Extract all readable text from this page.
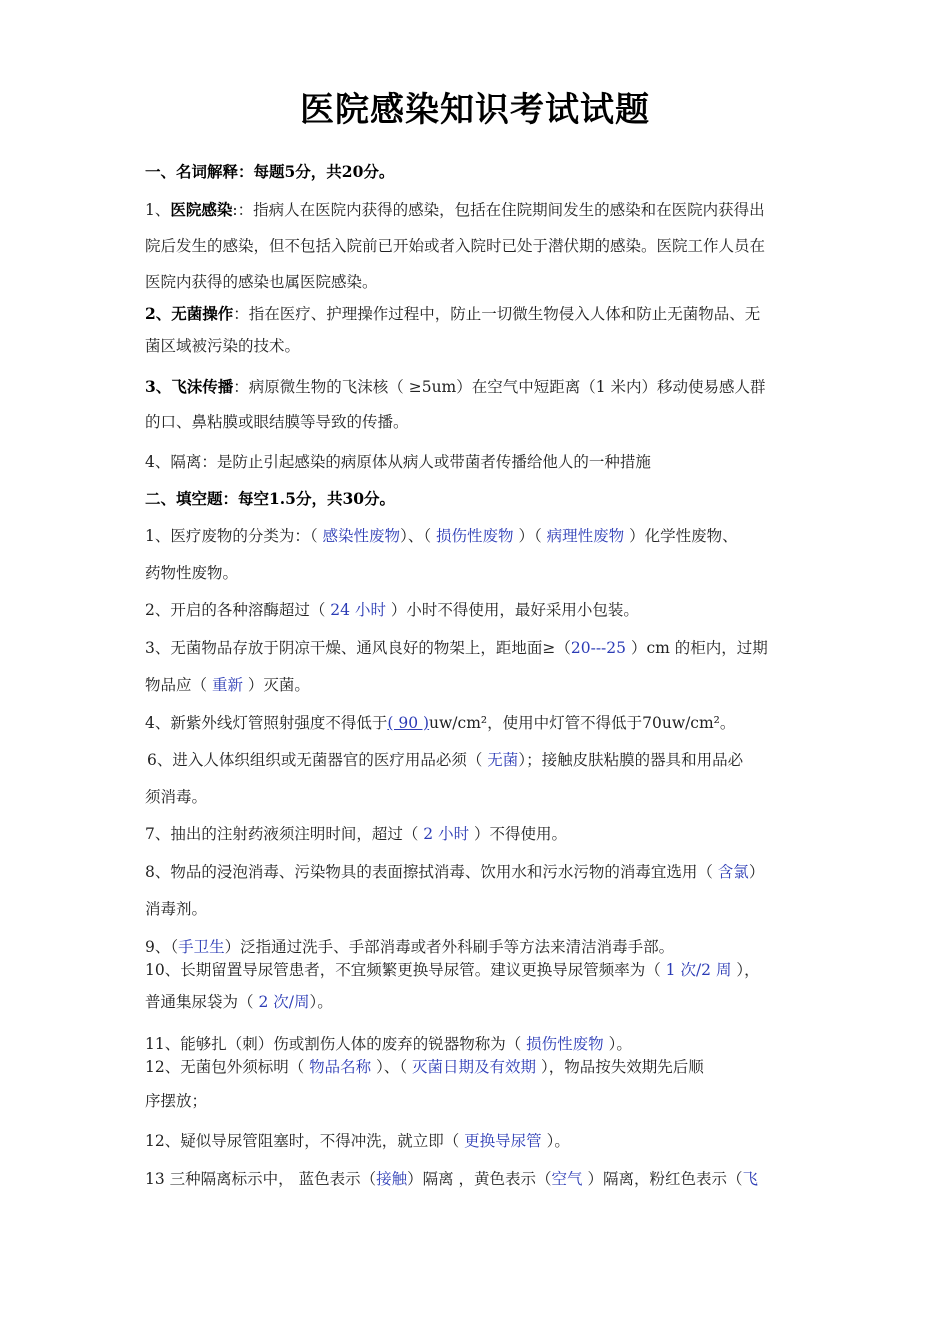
医院感染知识考试试题
一、名词解释：每题5分，共20分。
1、医院感染:：指病人在医院内获得的感染，包括在住院期间发生的感染和在医院内获得出
院后发生的感染，但不包括入院前已开始或者入院时已处于潜伏期的感染。医院工作人员在
医院内获得的感染也属医院感染。
2、无菌操作：指在医疗、护理操作过程中，防止一切微生物侵入人体和防止无菌物品、无
菌区域被污染的技术。
3、飞沫传播：病原微生物的飞沫核（ ≥5um）在空气中短距离（1 米内）移动使易感人群
的口、鼻粘膜或眼结膜等导致的传播。
4、隔离：是防止引起感染的病原体从病人或带菌者传播给他人的一种措施
二、填空题：每空1.5分，共30分。
1、医疗废物的分类为：（ 感染性废物）、（ 损伤性废物 ）（ 病理性废物 ）化学性废物、
药物性废物。
2、开启的各种溶酶超过（ 24 小时 ）小时不得使用，最好采用小包装。
3、无菌物品存放于阴凉干燥、通风良好的物架上，距地面≥（20---25 ）cm 的柜内，过期
物品应（ 重新 ）灭菌。
4、新紫外线灯管照射强度不得低于( 90 )uw/cm²，使用中灯管不得低于70uw/cm²。
6、进入人体织组织或无菌器官的医疗用品必须（ 无菌）；接触皮肤粘膜的器具和用品必
须消毒。
7、抽出的注射药液须注明时间，超过（ 2 小时 ）不得使用。
8、物品的浸泡消毒、污染物具的表面擦拭消毒、饮用水和污水污物的消毒宜选用（ 含氯）
消毒剂。
9、（手卫生）泛指通过洗手、手部消毒或者外科刷手等方法来清洁消毒手部。
10、长期留置导尿管患者，不宜频繁更换导尿管。建议更换导尿管频率为（ 1 次/2 周 ），
普通集尿袋为（ 2 次/周）。
11、能够扎（刺）伤或割伤人体的废弃的锐器物称为（ 损伤性废物 ）。
12、无菌包外须标明（ 物品名称 ）、（ 灭菌日期及有效期 ），物品按失效期先后顺
序摆放；
12、疑似导尿管阻塞时，不得冲洗，就立即（ 更换导尿管 ）。
13 三种隔离标示中， 蓝色表示（接触）隔离 ，黄色表示（空气 ）隔离，粉红色表示（飞
